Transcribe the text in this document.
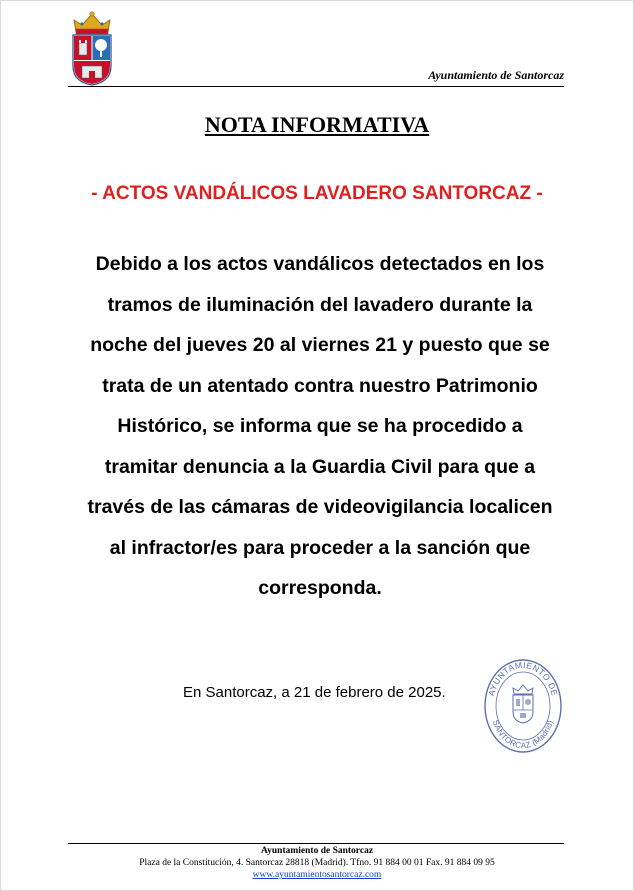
Ayuntamiento de Santorcaz
NOTA INFORMATIVA
- ACTOS VANDÁLICOS LAVADERO SANTORCAZ -
Debido a los actos vandálicos detectados en los
tramos de iluminación del lavadero durante la
noche del jueves 20 al viernes 21 y puesto que se
trata de un atentado contra nuestro Patrimonio
Histórico, se informa que se ha procedido a
tramitar denuncia a la Guardia Civil para que a
través de las cámaras de videovigilancia localicen
al infractor/es para proceder a la sanción que
corresponda.
En Santorcaz, a 21 de febrero de 2025.	AYUNTAMIENTO DE
SANTORCAZ (Madrid)
Ayuntamiento de Santorcaz
Plaza de la Constitución, 4. Santorcaz 28818 (Madrid). Tfno. 91 884 00 01 Fax. 91 884 09 95
www.ayuntamientosantorcaz.com
